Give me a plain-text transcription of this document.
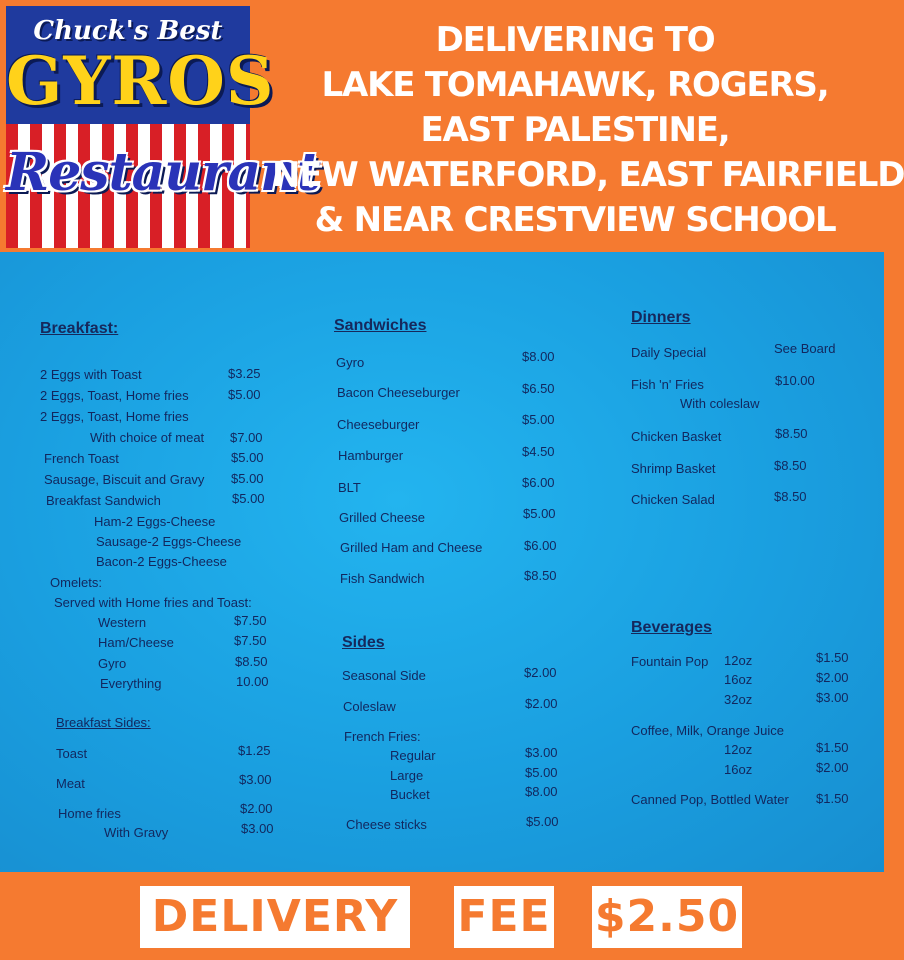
Chuck's Best
GYROS
Restaurant
DELIVERING TO
LAKE TOMAHAWK, ROGERS,
EAST PALESTINE,
NEW WATERFORD, EAST FAIRFIELD
& NEAR CRESTVIEW SCHOOL
Breakfast:
2 Eggs with Toast	$3.25
2 Eggs, Toast, Home fries	$5.00
2 Eggs, Toast, Home fries
With choice of meat $7.00
French Toast	$5.00
Sausage, Biscuit and Gravy $5.00
Breakfast Sandwich	$5.00
Ham-2 Eggs-Cheese
Sausage-2 Eggs-Cheese
Bacon-2 Eggs-Cheese
Omelets:
Served with Home fries and Toast:
Western	$7.50
Ham/Cheese	$7.50
Gyro	$8.50
Everything	10.00
Breakfast Sides:
Toast	$1.25
Meat	$3.00
Home fries	$2.00
With Gravy	$3.00
Sandwiches
Gyro	$8.00
Bacon Cheeseburger	$6.50
Cheeseburger	$5.00
Hamburger	$4.50
BLT	$6.00
Grilled Cheese	$5.00
Grilled Ham and Cheese	$6.00
Fish Sandwich	$8.50
Sides
Seasonal Side	$2.00
Coleslaw	$2.00
French Fries:
Regular	$3.00
Large	$5.00
Bucket	$8.00
Cheese sticks	$5.00
Dinners
Daily Special	See Board
Fish 'n' Fries	$10.00
With coleslaw
Chicken Basket	$8.50
Shrimp Basket	$8.50
Chicken Salad	$8.50
Beverages
Fountain Pop 12oz	$1.50
16oz	$2.00
32oz	$3.00
Coffee, Milk, Orange Juice
12oz	$1.50
16oz	$2.00
Canned Pop, Bottled Water $1.50
DELIVERY FEE $2.50
